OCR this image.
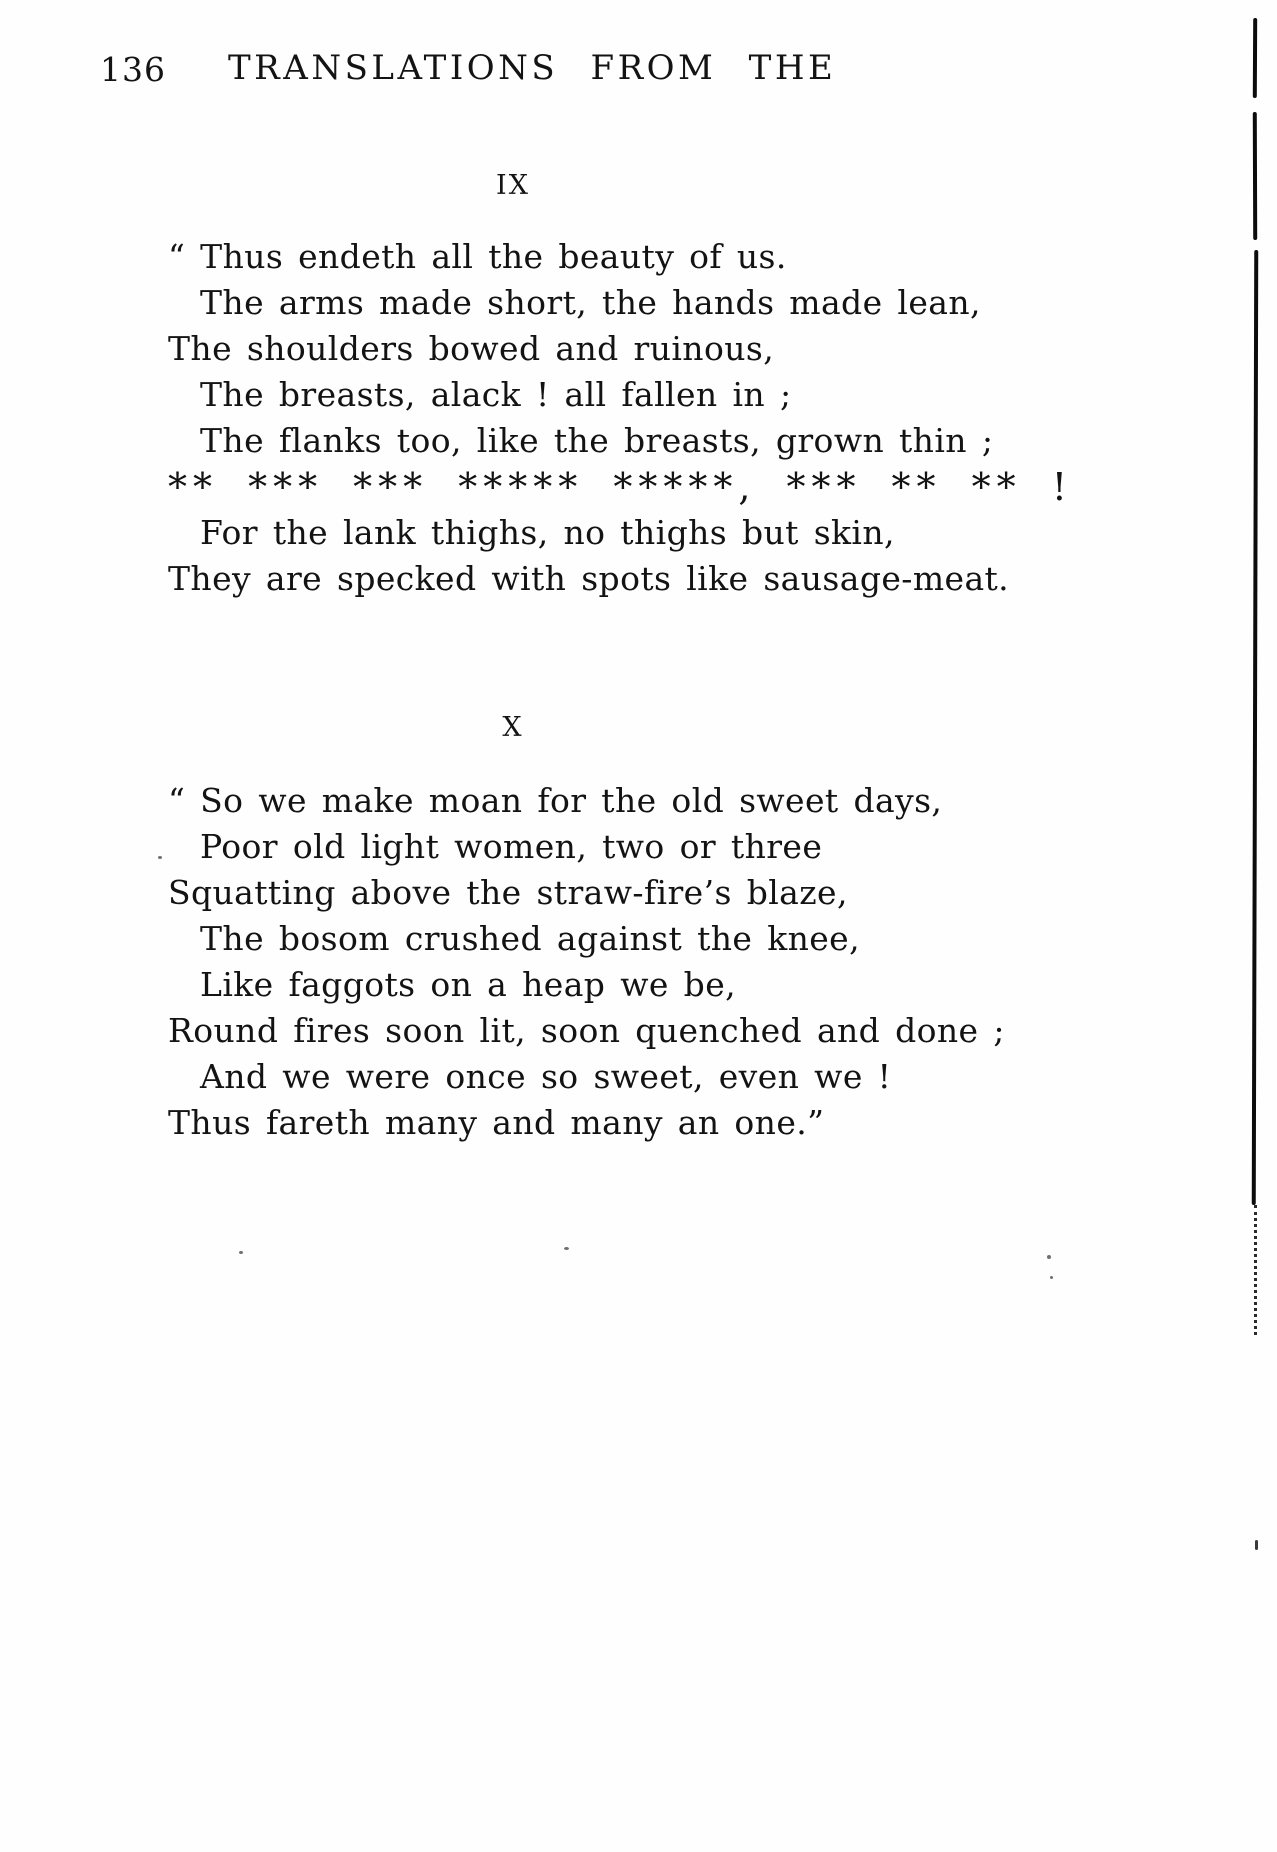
136 TRANSLATIONS FROM THE
IX
“ Thus endeth all the beauty of us.
The arms made short, the hands made lean,
The shoulders bowed and ruinous,
The breasts, alack ! all fallen in ;
The flanks too, like the breasts, grown thin ;
** *** *** ***** *****, *** ** ** !
For the lank thighs, no thighs but skin,
They are specked with spots like sausage-meat.
X
“ So we make moan for the old sweet days,
Poor old light women, two or three
Squatting above the straw-fire’s blaze,
The bosom crushed against the knee,
Like faggots on a heap we be,
Round fires soon lit, soon quenched and done ;
And we were once so sweet, even we !
Thus fareth many and many an one.”
